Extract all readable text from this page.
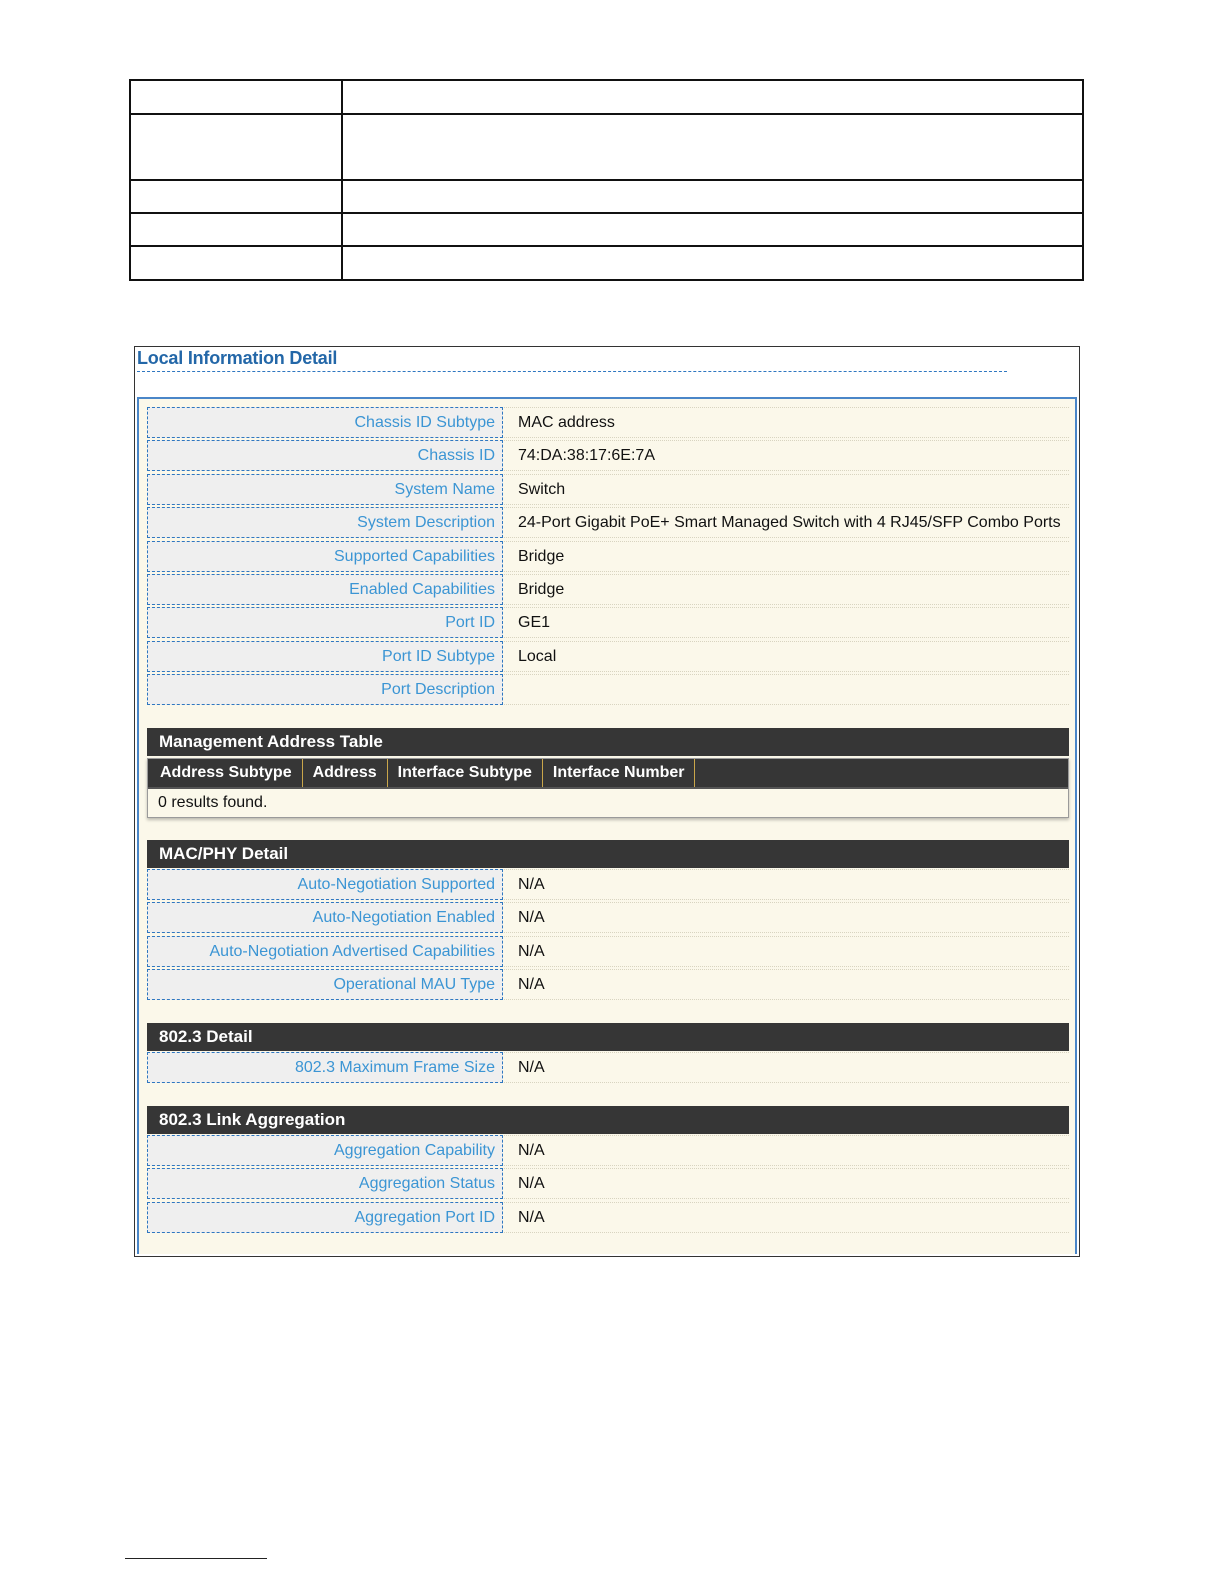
Local Information Detail
Chassis ID Subtype	MAC address
Chassis ID	74:DA:38:17:6E:7A
System Name	Switch
System Description	24-Port Gigabit PoE+ Smart Managed Switch with 4 RJ45/SFP Combo Ports
Supported Capabilities	Bridge
Enabled Capabilities	Bridge
Port ID	GE1
Port ID Subtype	Local
Port Description
Management Address Table
Address Subtype	Address	Interface Subtype	Interface Number
0 results found.
MAC/PHY Detail
Auto-Negotiation Supported	N/A
Auto-Negotiation Enabled	N/A
Auto-Negotiation Advertised Capabilities	N/A
Operational MAU Type	N/A
802.3 Detail
802.3 Maximum Frame Size	N/A
802.3 Link Aggregation
Aggregation Capability	N/A
Aggregation Status	N/A
Aggregation Port ID	N/A
